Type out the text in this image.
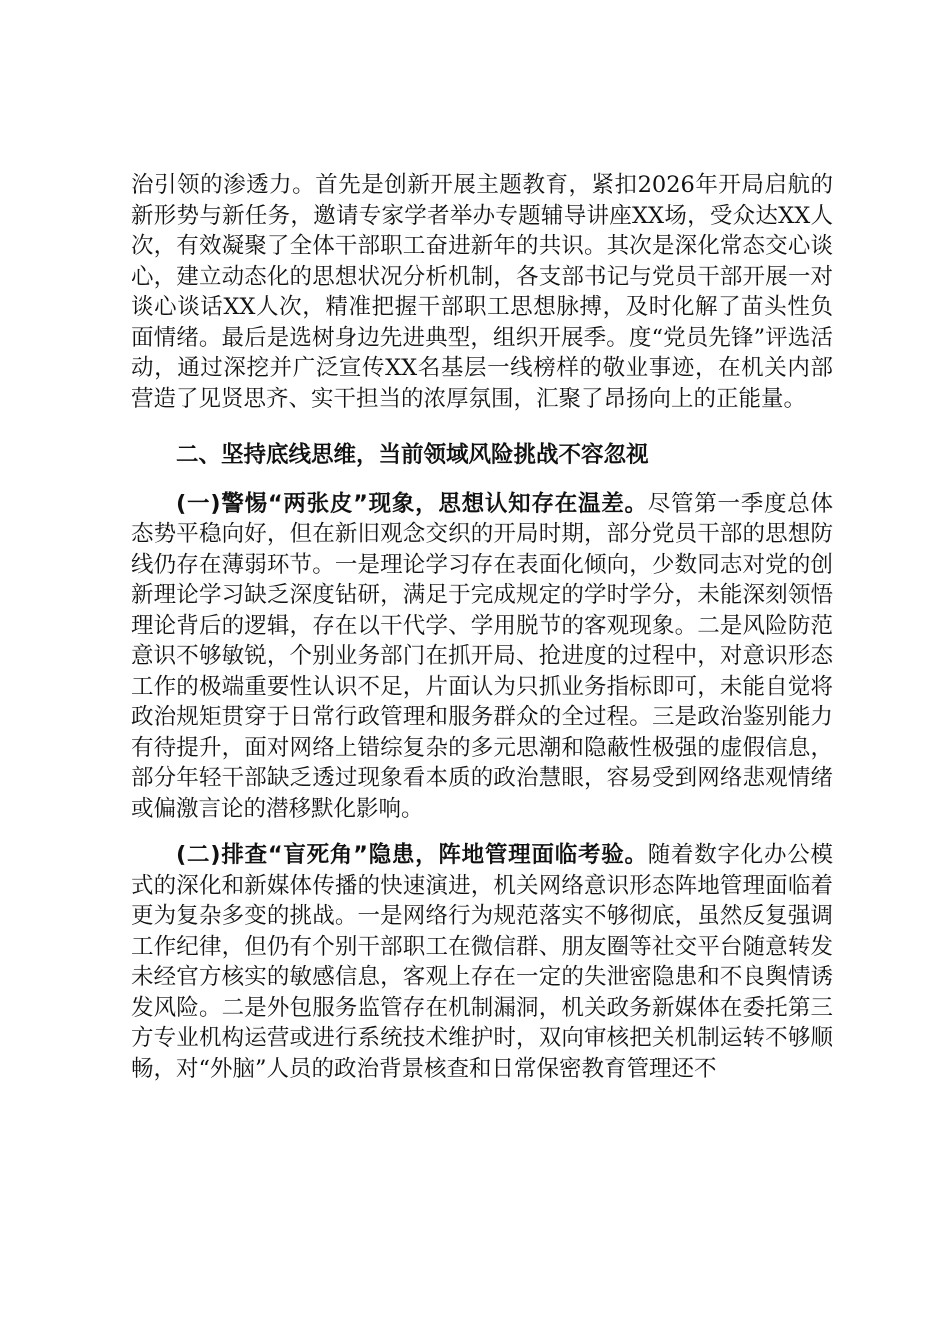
治引领的渗透力。首先是创新开展主题教育，紧扣2026年开局启航的新形势与新任务，邀请专家学者举办专题辅导讲座XX场，受众达XX人次，有效凝聚了全体干部职工奋进新年的共识。其次是深化常态交心谈心，建立动态化的思想状况分析机制，各支部书记与党员干部开展一对谈心谈话XX人次，精准把握干部职工思想脉搏，及时化解了苗头性负面情绪。最后是选树身边先进典型，组织开展季。度“党员先锋”评选活动，通过深挖并广泛宣传XX名基层一线榜样的敬业事迹，在机关内部营造了见贤思齐、实干担当的浓厚氛围，汇聚了昂扬向上的正能量。

二、坚持底线思维，当前领域风险挑战不容忽视

(一)警惕“两张皮”现象，思想认知存在温差。尽管第一季度总体态势平稳向好，但在新旧观念交织的开局时期，部分党员干部的思想防线仍存在薄弱环节。一是理论学习存在表面化倾向，少数同志对党的创新理论学习缺乏深度钻研，满足于完成规定的学时学分，未能深刻领悟理论背后的逻辑，存在以干代学、学用脱节的客观现象。二是风险防范意识不够敏锐，个别业务部门在抓开局、抢进度的过程中，对意识形态工作的极端重要性认识不足，片面认为只抓业务指标即可，未能自觉将政治规矩贯穿于日常行政管理和服务群众的全过程。三是政治鉴别能力有待提升，面对网络上错综复杂的多元思潮和隐蔽性极强的虚假信息，部分年轻干部缺乏透过现象看本质的政治慧眼，容易受到网络悲观情绪或偏激言论的潜移默化影响。

(二)排查“盲死角”隐患，阵地管理面临考验。随着数字化办公模式的深化和新媒体传播的快速演进，机关网络意识形态阵地管理面临着更为复杂多变的挑战。一是网络行为规范落实不够彻底，虽然反复强调工作纪律，但仍有个别干部职工在微信群、朋友圈等社交平台随意转发未经官方核实的敏感信息，客观上存在一定的失泄密隐患和不良舆情诱发风险。二是外包服务监管存在机制漏洞，机关政务新媒体在委托第三方专业机构运营或进行系统技术维护时，双向审核把关机制运转不够顺畅，对“外脑”人员的政治背景核查和日常保密教育管理还不
